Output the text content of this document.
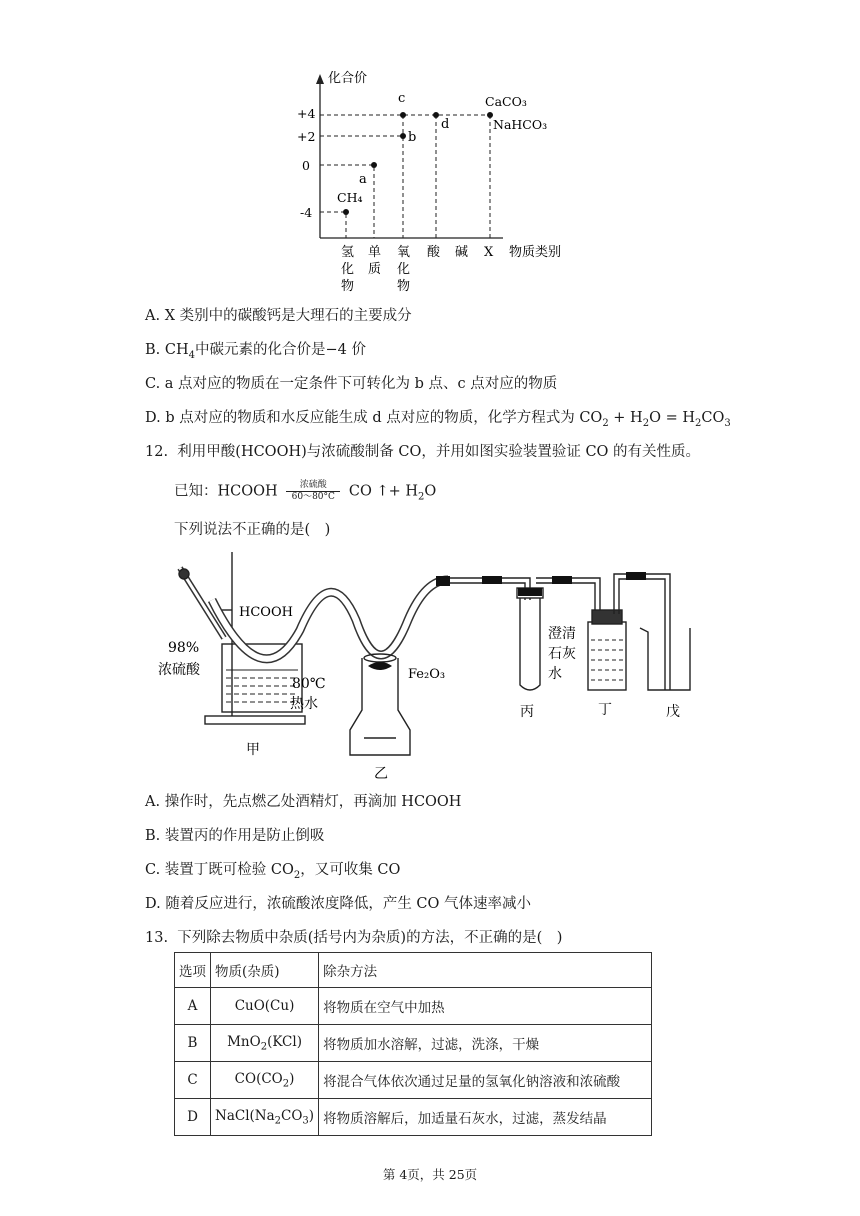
化合价
+4
+2
0
-4
CH₄
a
b
c
d
CaCO₃
NaHCO₃
氢化物
单质
氧化物
酸 碱 X 物质类别
A. X 类别中的碳酸钙是大理石的主要成分
B. $CH_4$中碳元素的化合价是−4 价
C. a 点对应的物质在一定条件下可转化为 b 点、c 点对应的物质
D. b 点对应的物质和水反应能生成 d 点对应的物质，化学方程式为 $CO_2 + H_2O = H_2CO_3$
12. 利用甲酸(HCOOH)与浓硫酸制备 CO，并用如图实验装置验证 CO 的有关性质。
已知：HCOOH	浓硫酸
60～80°C CO ↑+ $H_2O$
下列说法不正确的是(　)
HCOOH
98%
浓硫酸
80℃
热水
Fe₂O₃
澄清石灰水
甲
乙
丙	丁	戊
A. 操作时，先点燃乙处酒精灯，再滴加 HCOOH
B. 装置丙的作用是防止倒吸
C. 装置丁既可检验 $CO_2$，又可收集 CO
D. 随着反应进行，浓硫酸浓度降低，产生 CO 气体速率减小
13. 下列除去物质中杂质(括号内为杂质)的方法，不正确的是(　)
选项	物质(杂质)	除杂方法
A	CuO(Cu)	将物质在空气中加热
B	MnO$_2$(KCl)	将物质加水溶解，过滤，洗涤，干燥
C	$CO(CO_2)$	将混合气体依次通过足量的氢氧化钠溶液和浓硫酸
D	$NaCl(Na_2CO_3)$	将物质溶解后，加适量石灰水，过滤，蒸发结晶
第 4页，共 25页
